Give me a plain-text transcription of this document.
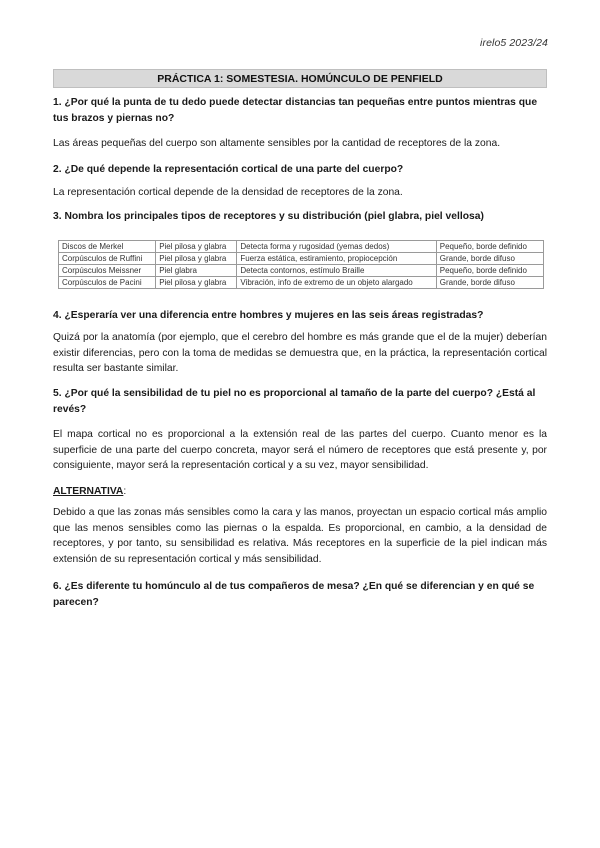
irelo5 2023/24
PRÁCTICA 1: SOMESTESIA. HOMÚNCULO DE PENFIELD
1. ¿Por qué la punta de tu dedo puede detectar distancias tan pequeñas entre puntos mientras que tus brazos y piernas no?
Las áreas pequeñas del cuerpo son altamente sensibles por la cantidad de receptores de la zona.
2. ¿De qué depende la representación cortical de una parte del cuerpo?
La representación cortical depende de la densidad de receptores de la zona.
3. Nombra los principales tipos de receptores y su distribución (piel glabra, piel vellosa)
Discos de Merkel	Piel pilosa y glabra	Detecta forma y rugosidad (yemas dedos)	Pequeño, borde definido
Corpúsculos de Ruffini	Piel pilosa y glabra	Fuerza estática, estiramiento, propiocepción	Grande, borde difuso
Corpúsculos Meissner	Piel glabra	Detecta contornos, estímulo Braille	Pequeño, borde definido
Corpúsculos de Pacini	Piel pilosa y glabra	Vibración, info de extremo de un objeto alargado	Grande, borde difuso
4. ¿Esperaría ver una diferencia entre hombres y mujeres en las seis áreas registradas?
Quizá por la anatomía (por ejemplo, que el cerebro del hombre es más grande que el de la mujer) deberían existir diferencias, pero con la toma de medidas se demuestra que, en la práctica, la representación cortical resulta ser bastante similar.
5. ¿Por qué la sensibilidad de tu piel no es proporcional al tamaño de la parte del cuerpo? ¿Está al revés?
El mapa cortical no es proporcional a la extensión real de las partes del cuerpo. Cuanto menor es la superficie de una parte del cuerpo concreta, mayor será el número de receptores que está presente y, por consiguiente, mayor será la representación cortical y a su vez, mayor sensibilidad.
ALTERNATIVA:
Debido a que las zonas más sensibles como la cara y las manos, proyectan un espacio cortical más amplio que las menos sensibles como las piernas o la espalda. Es proporcional, en cambio, a la densidad de receptores, y por tanto, su sensibilidad es relativa. Más receptores en la superficie de la piel indican más extensión de su representación cortical y más sensibilidad.
6. ¿Es diferente tu homúnculo al de tus compañeros de mesa? ¿En qué se diferencian y en qué se parecen?
